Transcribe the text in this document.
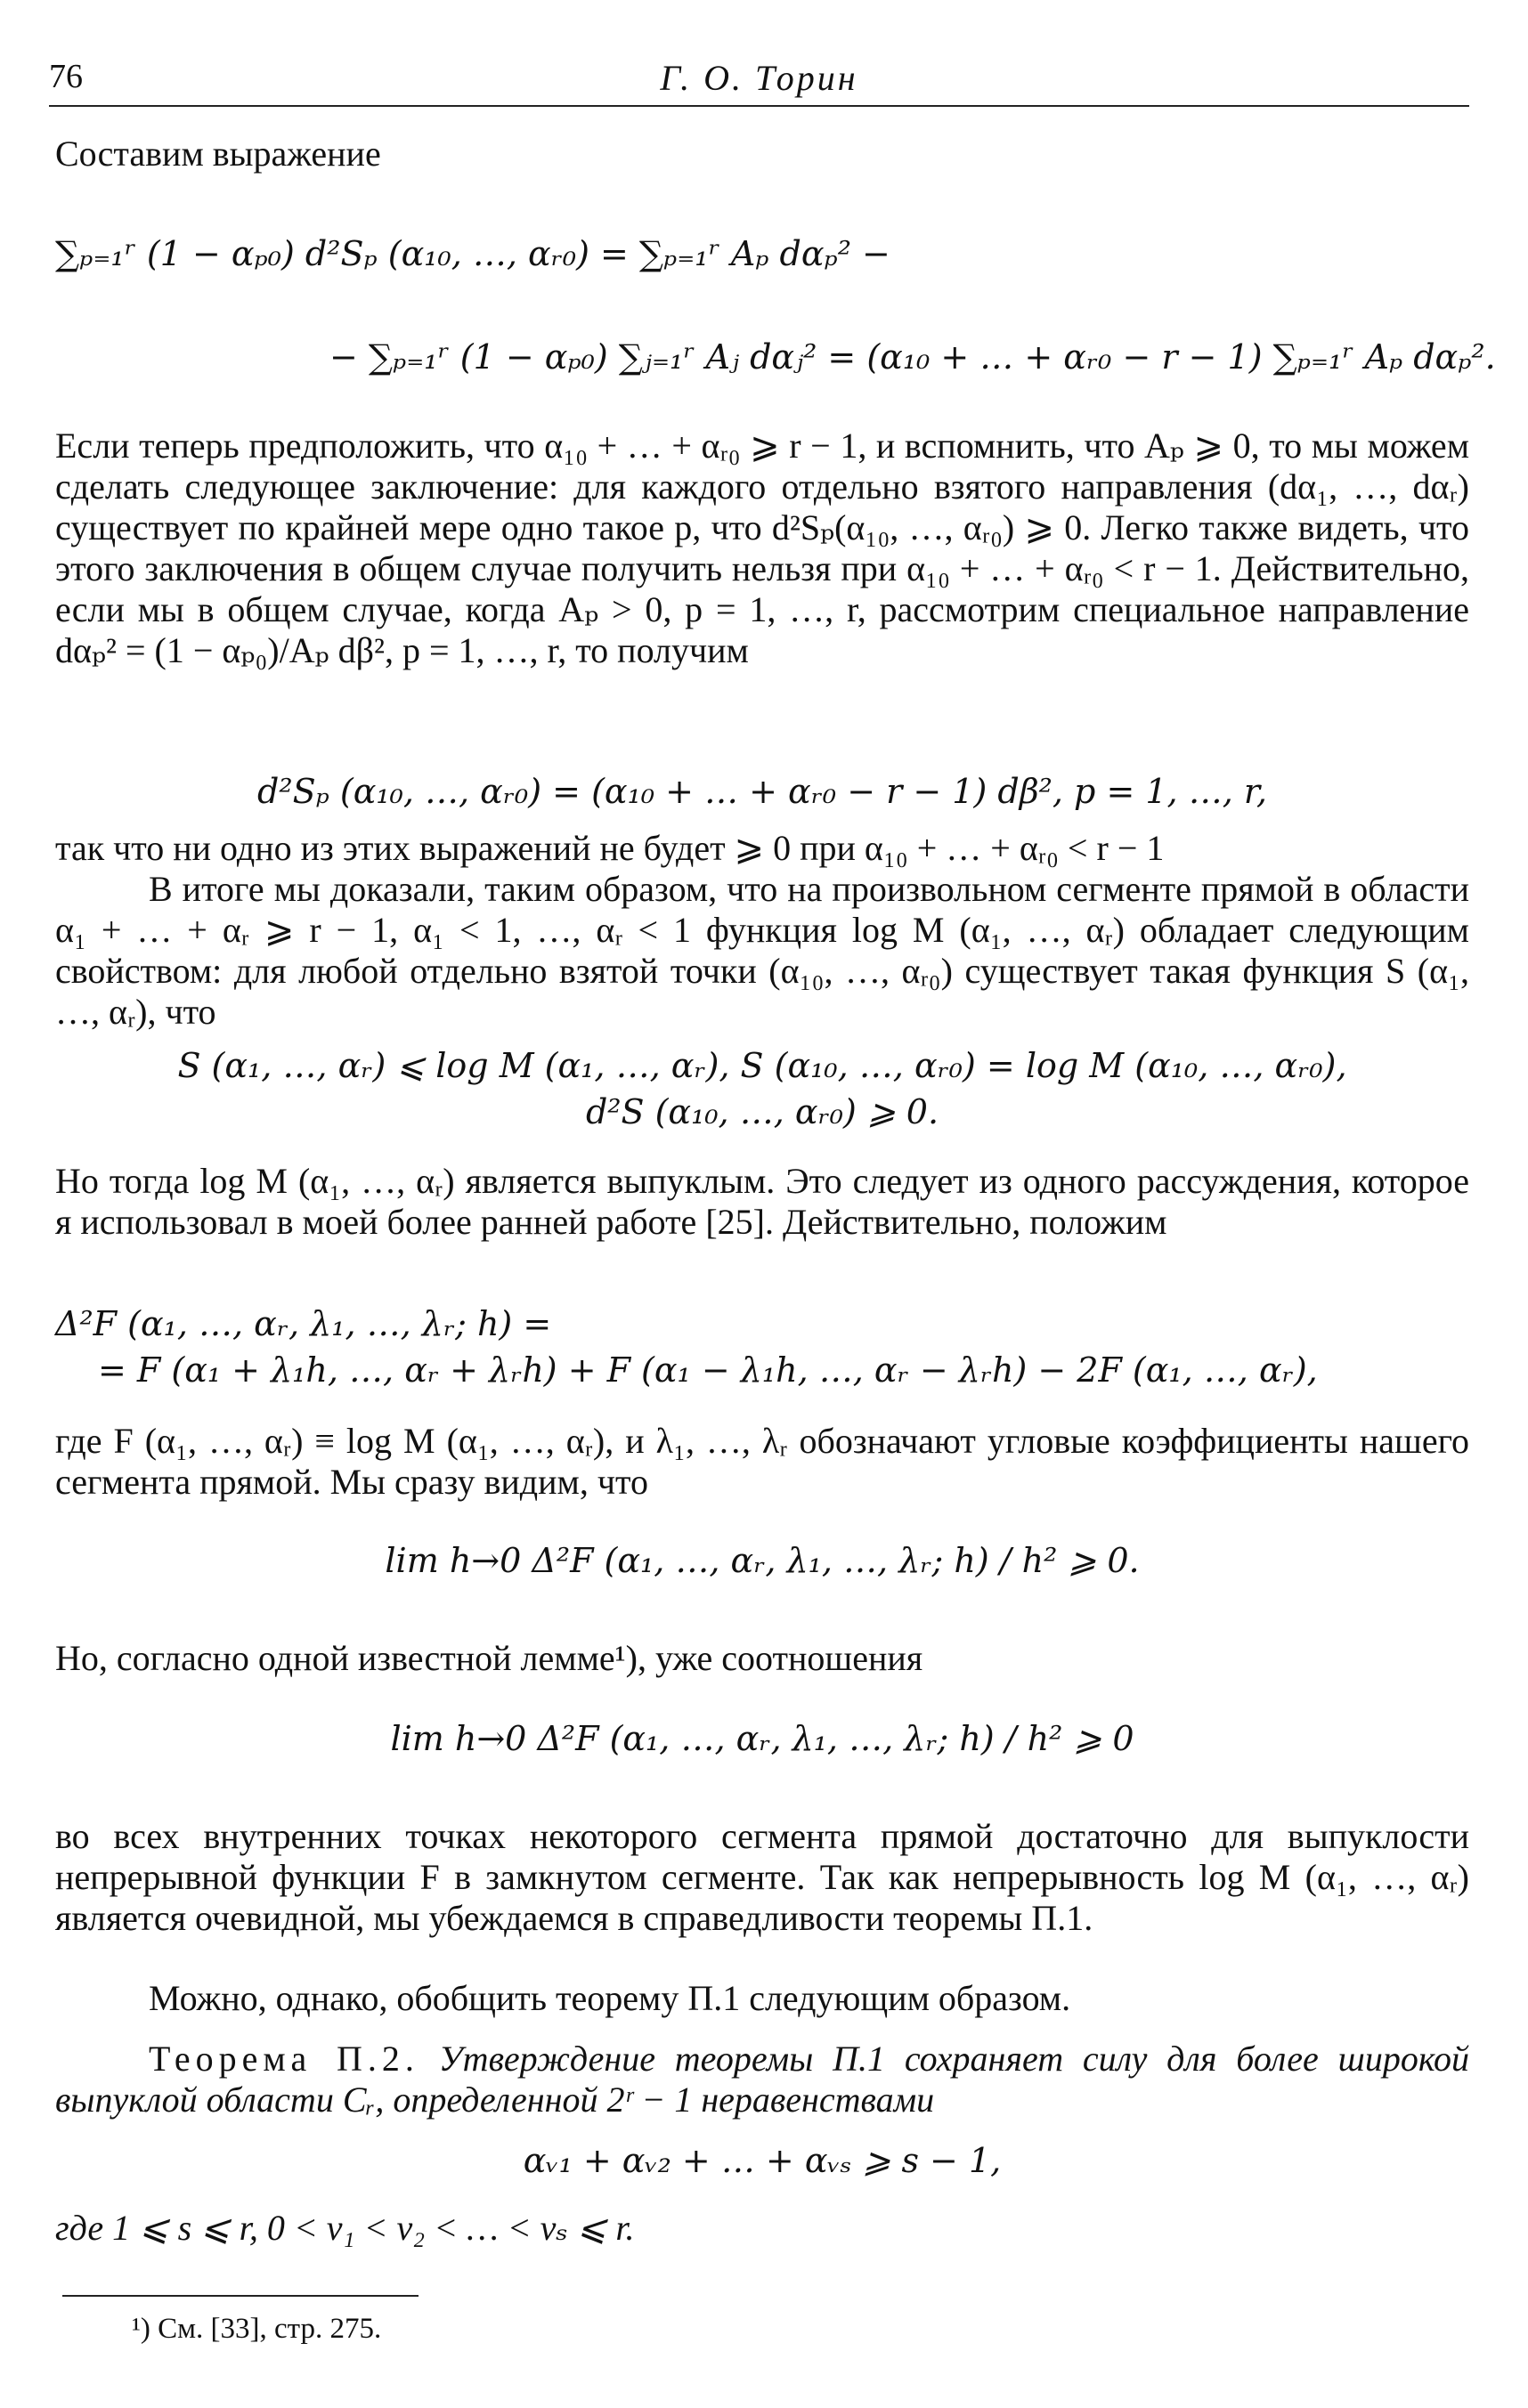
76	Г. О. Торин
Составим выражение
∑ₚ₌₁ʳ (1 − αₚ₀) d²Sₚ (α₁₀, …, αᵣ₀) = ∑ₚ₌₁ʳ Aₚ dαₚ² −
− ∑ₚ₌₁ʳ (1 − αₚ₀) ∑ⱼ₌₁ʳ Aⱼ dαⱼ² = (α₁₀ + … + αᵣ₀ − r − 1) ∑ₚ₌₁ʳ Aₚ dαₚ².
Если теперь предположить, что α₁₀ + … + αᵣ₀ ⩾ r − 1, и вспомнить, что Aₚ ⩾ 0, то мы можем сделать следующее заключение: для каждого отдельно взятого направления (dα₁, …, dαᵣ) существует по крайней мере одно такое p, что d²Sₚ(α₁₀, …, αᵣ₀) ⩾ 0. Легко также видеть, что этого заключения в общем случае получить нельзя при α₁₀ + … + αᵣ₀ < r − 1. Действительно, если мы в общем случае, когда Aₚ > 0, p = 1, …, r, рассмотрим специальное направление dαₚ² = (1 − αₚ₀)/Aₚ dβ², p = 1, …, r, то получим
d²Sₚ (α₁₀, …, αᵣ₀) = (α₁₀ + … + αᵣ₀ − r − 1) dβ², p = 1, …, r,
так что ни одно из этих выражений не будет ⩾ 0 при α₁₀ + … + αᵣ₀ < r − 1
В итоге мы доказали, таким образом, что на произвольном сегменте прямой в области α₁ + … + αᵣ ⩾ r − 1, α₁ < 1, …, αᵣ < 1 функция log M (α₁, …, αᵣ) обладает следующим свойством: для любой отдельно взятой точки (α₁₀, …, αᵣ₀) существует такая функция S (α₁, …, αᵣ), что
S (α₁, …, αᵣ) ⩽ log M (α₁, …, αᵣ), S (α₁₀, …, αᵣ₀) = log M (α₁₀, …, αᵣ₀),
d²S (α₁₀, …, αᵣ₀) ⩾ 0.
Но тогда log M (α₁, …, αᵣ) является выпуклым. Это следует из одного рассуждения, которое я использовал в моей более ранней работе [25]. Действительно, положим
Δ²F (α₁, …, αᵣ, λ₁, …, λᵣ; h) =
= F (α₁ + λ₁h, …, αᵣ + λᵣh) + F (α₁ − λ₁h, …, αᵣ − λᵣh) − 2F (α₁, …, αᵣ),
где F (α₁, …, αᵣ) ≡ log M (α₁, …, αᵣ), и λ₁, …, λᵣ обозначают угловые коэффициенты нашего сегмента прямой. Мы сразу видим, что
lim h→0 Δ²F (α₁, …, αᵣ, λ₁, …, λᵣ; h) / h² ⩾ 0.
Но, согласно одной известной лемме¹), уже соотношения
lim h→0 Δ²F (α₁, …, αᵣ, λ₁, …, λᵣ; h) / h² ⩾ 0
во всех внутренних точках некоторого сегмента прямой достаточно для выпуклости непрерывной функции F в замкнутом сегменте. Так как непрерывность log M (α₁, …, αᵣ) является очевидной, мы убеждаемся в справедливости теоремы П.1.
Можно, однако, обобщить теорему П.1 следующим образом.
Теорема П.2. Утверждение теоремы П.1 сохраняет силу для более широкой выпуклой области Cᵣ, определенной 2ʳ − 1 неравенствами
αᵥ₁ + αᵥ₂ + … + αᵥₛ ⩾ s − 1,
где 1 ⩽ s ⩽ r, 0 < ν₁ < ν₂ < … < νₛ ⩽ r.
¹) См. [33], стр. 275.
